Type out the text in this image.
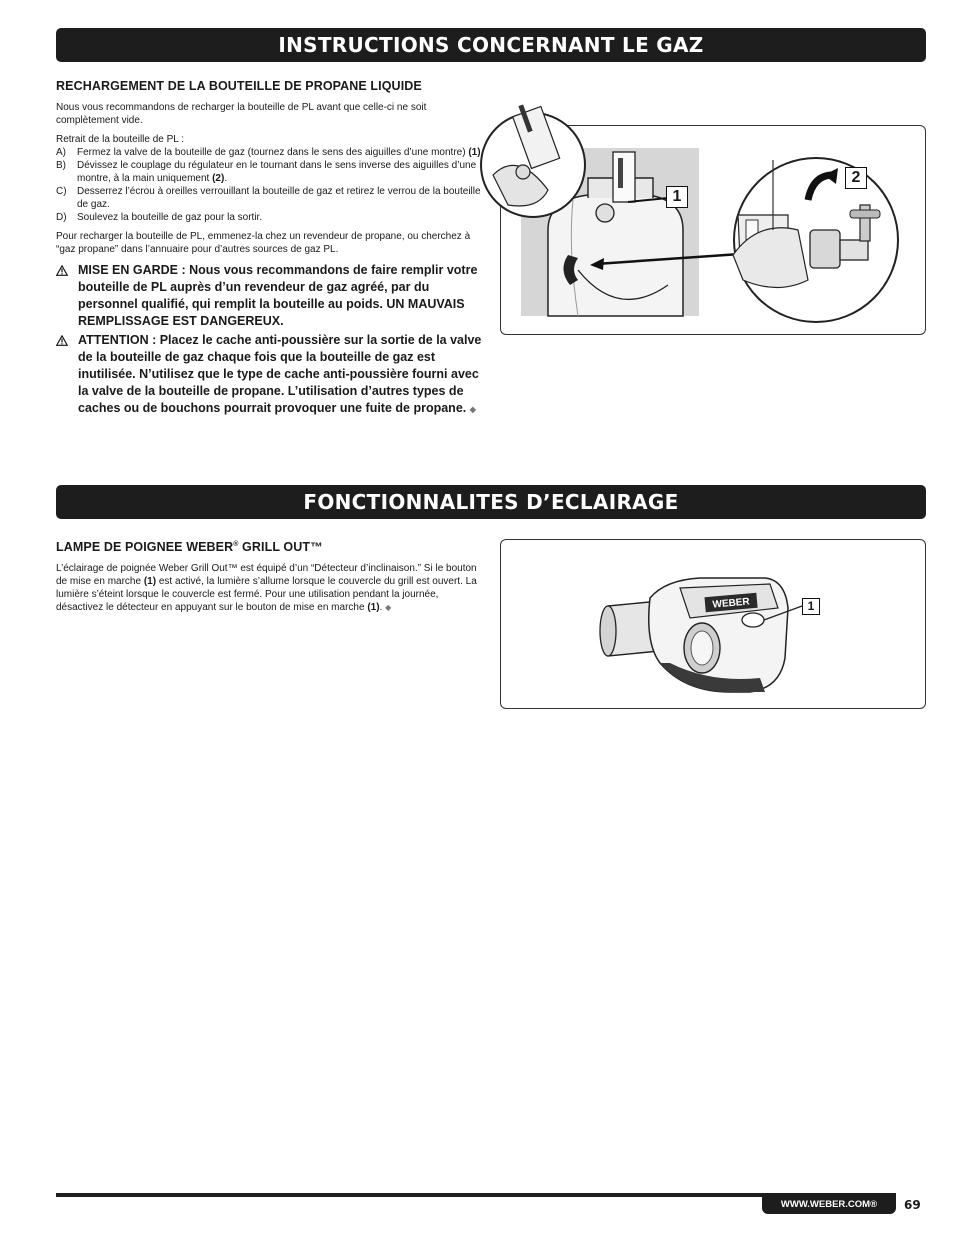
INSTRUCTIONS CONCERNANT LE GAZ
RECHARGEMENT DE LA BOUTEILLE DE PROPANE LIQUIDE

Nous vous recommandons de recharger la bouteille de PL avant que celle-ci ne soit complètement vide.

Retrait de la bouteille de PL :
A)	Fermez la valve de la bouteille de gaz (tournez dans le sens des aiguilles d’une montre) (1)
B)	Dévissez le couplage du régulateur en le tournant dans le sens inverse des aiguilles d’une montre, à la main uniquement (2).
C)	Desserrez l’écrou à oreilles verrouillant la bouteille de gaz et retirez le verrou de la bouteille de gaz.
D)	Soulevez la bouteille de gaz pour la sortir.

Pour recharger la bouteille de PL, emmenez-la chez un revendeur de propane, ou cherchez à “gaz propane” dans l’annuaire pour d’autres sources de gaz PL.

MISE EN GARDE : Nous vous recommandons de faire remplir votre bouteille de PL auprès d’un revendeur de gaz agréé, par du personnel qualifié, qui remplit la bouteille au poids. UN MAUVAIS REMPLISSAGE EST DANGEREUX.
ATTENTION : Placez le cache anti-poussière sur la sortie de la valve de la bouteille de gaz chaque fois que la bouteille de gaz est inutilisée. N’utilisez que le type de cache anti-poussière fourni avec la valve de la bouteille de propane. L’utilisation d’autres types de caches ou de bouchons pourrait provoquer une fuite de propane. ◆
1
2
FONCTIONNALITES D’ECLAIRAGE
LAMPE DE POIGNEE WEBER® GRILL OUT™

L’éclairage de poignée Weber Grill Out™ est équipé d’un “Détecteur d’inclinaison.” Si le bouton de mise en marche (1) est activé, la lumière s’allume lorsque le couvercle du grill est ouvert. La lumière s’éteint lorsque le couvercle est fermé. Pour une utilisation pendant la journée, désactivez le détecteur en appuyant sur le bouton de mise en marche (1). ◆	WEBER	1
WWW.WEBER.COM®	69
